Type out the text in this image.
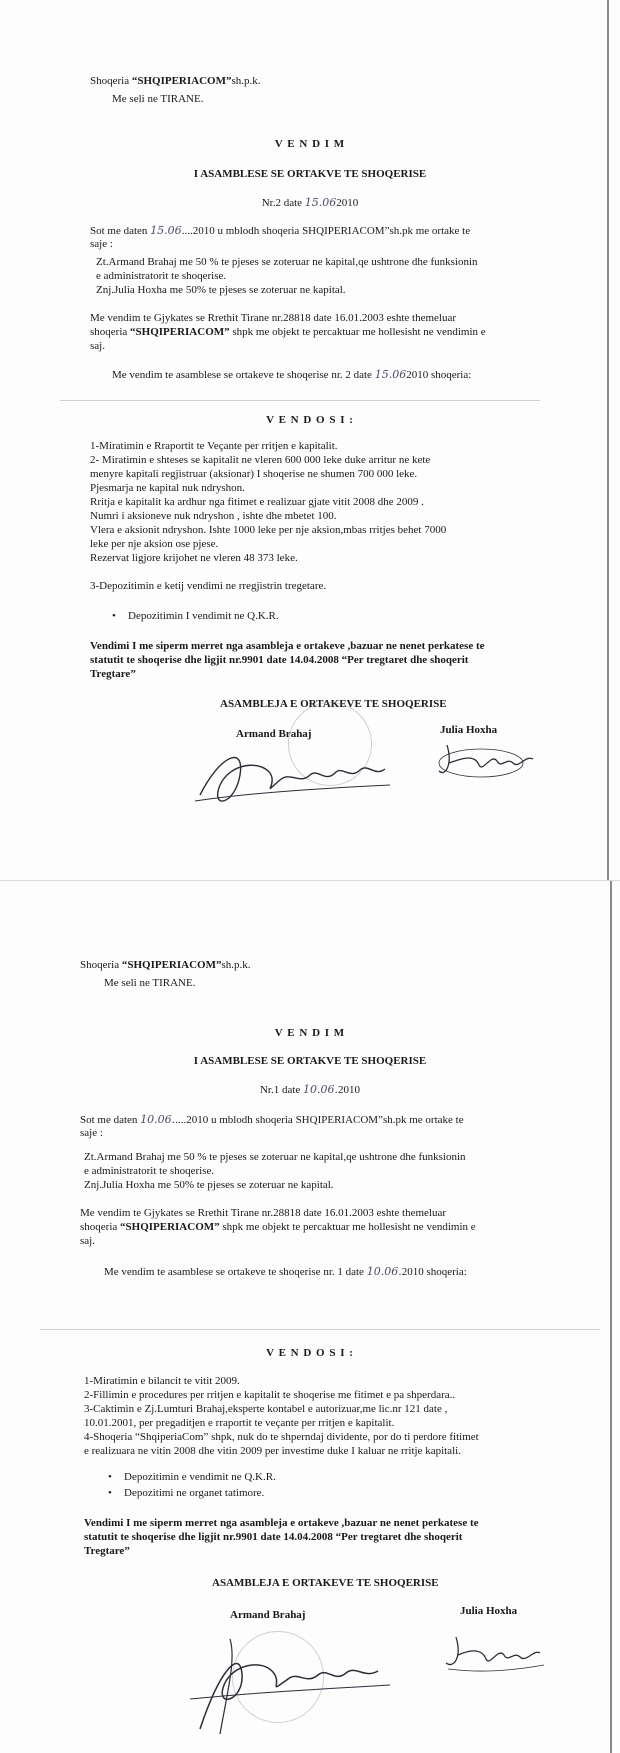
Shoqeria “SHQIPERIACOM”sh.p.k.
Me seli ne TIRANE.
V E N D I M
I ASAMBLESE SE ORTAKVE TE SHOQERISE
Nr.2 date 15.062010
Sot me daten 15.06....2010 u mblodh shoqeria SHQIPERIACOM”sh.pk me ortake te
saje :
Zt.Armand Brahaj me 50 % te pjeses se zoteruar ne kapital,qe ushtrone dhe funksionin
e administratorit te shoqerise.
Znj.Julia Hoxha me 50% te pjeses se zoteruar ne kapital.
Me vendim te Gjykates se Rrethit Tirane nr.28818 date 16.01.2003 eshte themeluar
shoqeria “SHQIPERIACOM” shpk me objekt te percaktuar me hollesisht ne vendimin e
saj.
Me vendim te asamblese se ortakeve te shoqerise nr. 2 date 15.062010 shoqeria:
V E N D O S I :
1-Miratimin e Rraportit te Veçante per rritjen e kapitalit.
2- Miratimin e shteses se kapitalit ne vleren 600 000 leke duke arritur ne kete
menyre kapitali regjistruar (aksionar) I shoqerise ne shumen 700 000 leke.
Pjesmarja ne kapital nuk ndryshon.
Rritja e kapitalit ka ardhur nga fitimet e realizuar gjate vitit 2008 dhe 2009 .
Numri i aksioneve nuk ndryshon , ishte dhe mbetet 100.
Vlera e aksionit ndryshon. Ishte 1000 leke per nje aksion,mbas rritjes behet 7000
leke per nje aksion ose pjese.
Rezervat ligjore krijohet ne vleren 48 373 leke.
3-Depozitimin e ketij vendimi ne rregjistrin tregetare.
• Depozitimin I vendimit ne Q.K.R.
Vendimi I me siperm merret nga asambleja e ortakeve ,bazuar ne nenet perkatese te
statutit te shoqerise dhe ligjit nr.9901 date 14.04.2008 “Per tregtaret dhe shoqerit
Tregtare”
ASAMBLEJA E ORTAKEVE TE SHOQERISE
Armand Brahaj	Julia Hoxha
Shoqeria “SHQIPERIACOM”sh.p.k.
Me seli ne TIRANE.
V E N D I M
I ASAMBLESE SE ORTAKVE TE SHOQERISE
Nr.1 date 10.06.2010
Sot me daten 10.06.....2010 u mblodh shoqeria SHQIPERIACOM”sh.pk me ortake te
saje :
Zt.Armand Brahaj me 50 % te pjeses se zoteruar ne kapital,qe ushtrone dhe funksionin
e administratorit te shoqerise.
Znj.Julia Hoxha me 50% te pjeses se zoteruar ne kapital.
Me vendim te Gjykates se Rrethit Tirane nr.28818 date 16.01.2003 eshte themeluar
shoqeria “SHQIPERIACOM” shpk me objekt te percaktuar me hollesisht ne vendimin e
saj.
Me vendim te asamblese se ortakeve te shoqerise nr. 1 date 10.06.2010 shoqeria:
V E N D O S I :
1-Miratimin e bilancit te vitit 2009.
2-Fillimin e procedures per rritjen e kapitalit te shoqerise me fitimet e pa shperdara..
3-Caktimin e Zj.Lumturi Brahaj,eksperte kontabel e autorizuar,me lic.nr 121 date ,
10.01.2001, per pregaditjen e rraportit te veçante per rritjen e kapitalit.
4-Shoqeria “ShqiperiaCom” shpk, nuk do te shperndaj dividente, por do ti perdore fitimet
e realizuara ne vitin 2008 dhe vitin 2009 per investime duke I kaluar ne rritje kapitali.
• Depozitimin e vendimit ne Q.K.R.
• Depozitimi ne organet tatimore.
Vendimi I me siperm merret nga asambleja e ortakeve ,bazuar ne nenet perkatese te
statutit te shoqerise dhe ligjit nr.9901 date 14.04.2008 “Per tregtaret dhe shoqerit
Tregtare”
ASAMBLEJA E ORTAKEVE TE SHOQERISE
Armand Brahaj	Julia Hoxha
